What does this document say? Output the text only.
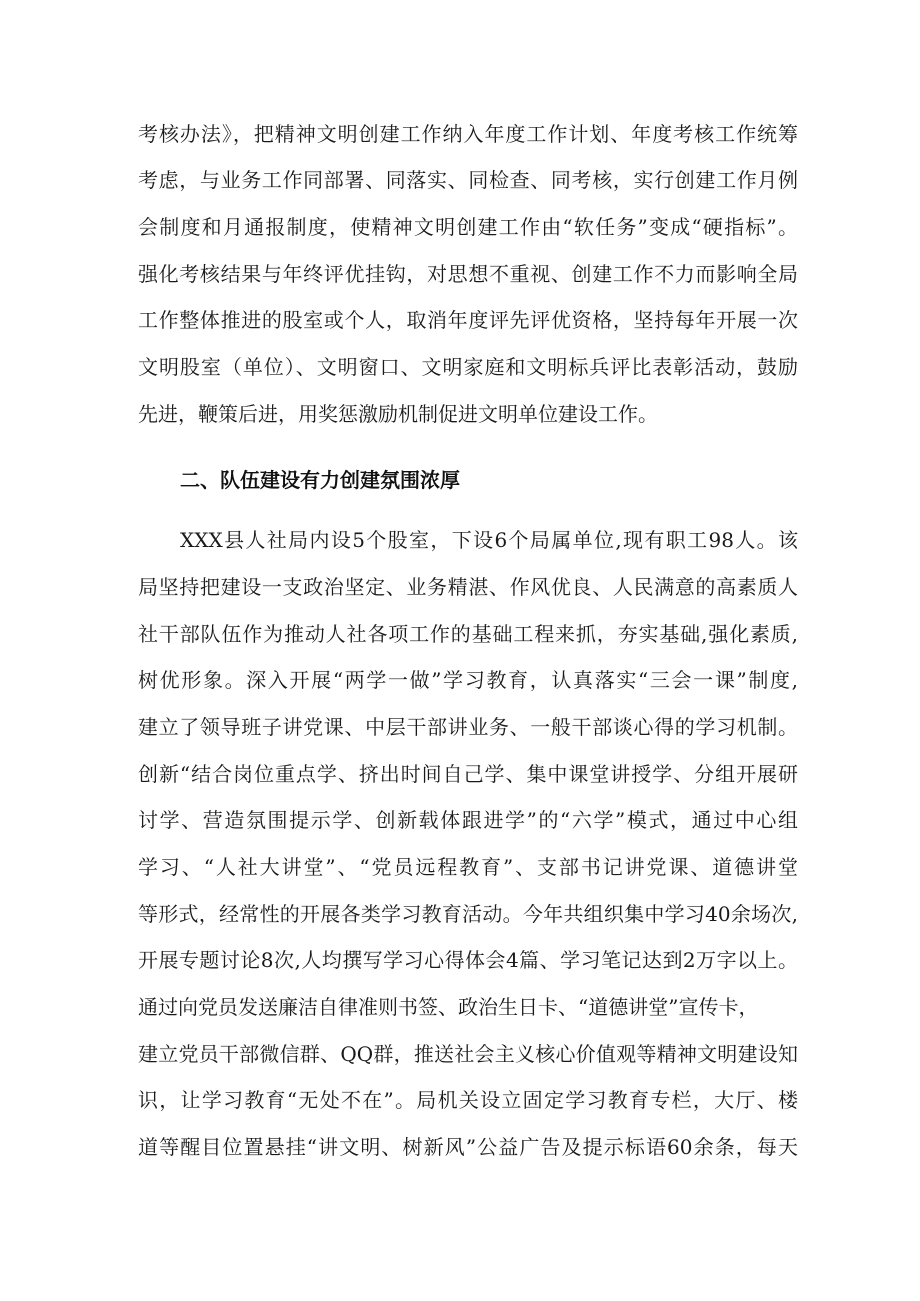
考核办法》，把精神文明创建工作纳入年度工作计划、年度考核工作统筹
考虑，与业务工作同部署、同落实、同检查、同考核，实行创建工作月例
会制度和月通报制度，使精神文明创建工作由“软任务”变成“硬指标”。
强化考核结果与年终评优挂钩，对思想不重视、创建工作不力而影响全局
工作整体推进的股室或个人，取消年度评先评优资格，坚持每年开展一次
文明股室（单位）、文明窗口、文明家庭和文明标兵评比表彰活动，鼓励
先进，鞭策后进，用奖惩激励机制促进文明单位建设工作。
二、队伍建设有力创建氛围浓厚
XXX县人社局内设5个股室，下设6个局属单位,现有职工98人。该
局坚持把建设一支政治坚定、业务精湛、作风优良、人民满意的高素质人
社干部队伍作为推动人社各项工作的基础工程来抓，夯实基础,强化素质,
树优形象。深入开展“两学一做”学习教育，认真落实“三会一课”制度,
建立了领导班子讲党课、中层干部讲业务、一般干部谈心得的学习机制。
创新“结合岗位重点学、挤出时间自己学、集中课堂讲授学、分组开展研
讨学、营造氛围提示学、创新载体跟进学”的“六学”模式，通过中心组
学习、“人社大讲堂”、“党员远程教育”、支部书记讲党课、道德讲堂
等形式，经常性的开展各类学习教育活动。今年共组织集中学习40余场次,
开展专题讨论8次,人均撰写学习心得体会4篇、学习笔记达到2万字以上。
通过向党员发送廉洁自律准则书签、政治生日卡、“道德讲堂”宣传卡，
建立党员干部微信群、QQ群，推送社会主义核心价值观等精神文明建设知
识，让学习教育“无处不在”。局机关设立固定学习教育专栏，大厅、楼
道等醒目位置悬挂“讲文明、树新风”公益广告及提示标语60余条，每天
